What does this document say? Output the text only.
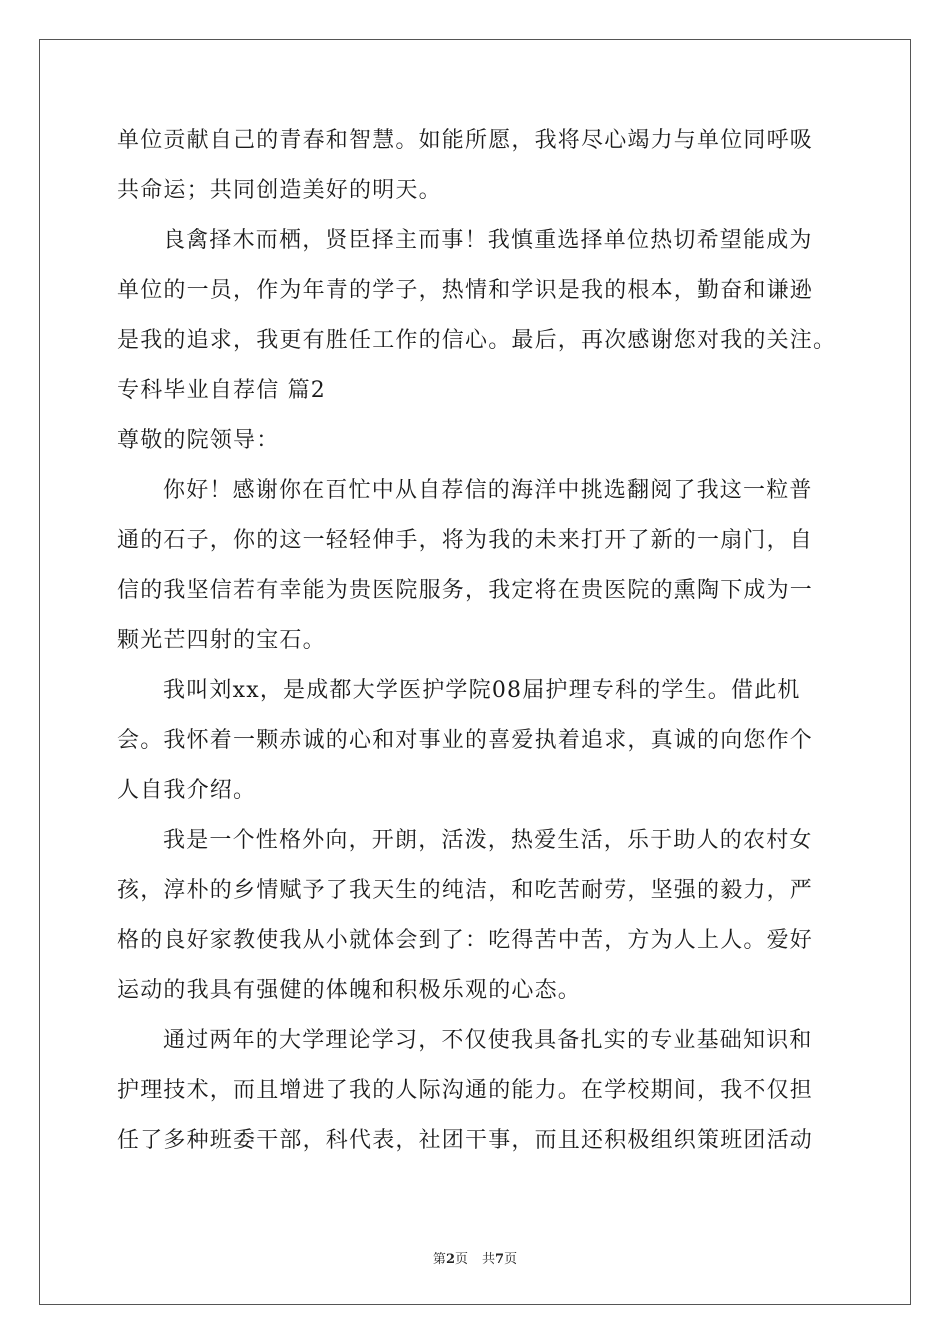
单位贡献自己的青春和智慧。如能所愿，我将尽心竭力与单位同呼吸
共命运；共同创造美好的明天。
良禽择木而栖，贤臣择主而事！我慎重选择单位热切希望能成为
单位的一员，作为年青的学子，热情和学识是我的根本，勤奋和谦逊
是我的追求，我更有胜任工作的信心。最后，再次感谢您对我的关注。
专科毕业自荐信 篇2
尊敬的院领导：
你好！感谢你在百忙中从自荐信的海洋中挑选翻阅了我这一粒普
通的石子，你的这一轻轻伸手，将为我的未来打开了新的一扇门，自
信的我坚信若有幸能为贵医院服务，我定将在贵医院的熏陶下成为一
颗光芒四射的宝石。
我叫刘xx，是成都大学医护学院08届护理专科的学生。借此机
会。我怀着一颗赤诚的心和对事业的喜爱执着追求，真诚的向您作个
人自我介绍。
我是一个性格外向，开朗，活泼，热爱生活，乐于助人的农村女
孩，淳朴的乡情赋予了我天生的纯洁，和吃苦耐劳，坚强的毅力，严
格的良好家教使我从小就体会到了：吃得苦中苦，方为人上人。爱好
运动的我具有强健的体魄和积极乐观的心态。
通过两年的大学理论学习，不仅使我具备扎实的专业基础知识和
护理技术，而且增进了我的人际沟通的能力。在学校期间，我不仅担
任了多种班委干部，科代表，社团干事，而且还积极组织策班团活动
第2页 共7页
